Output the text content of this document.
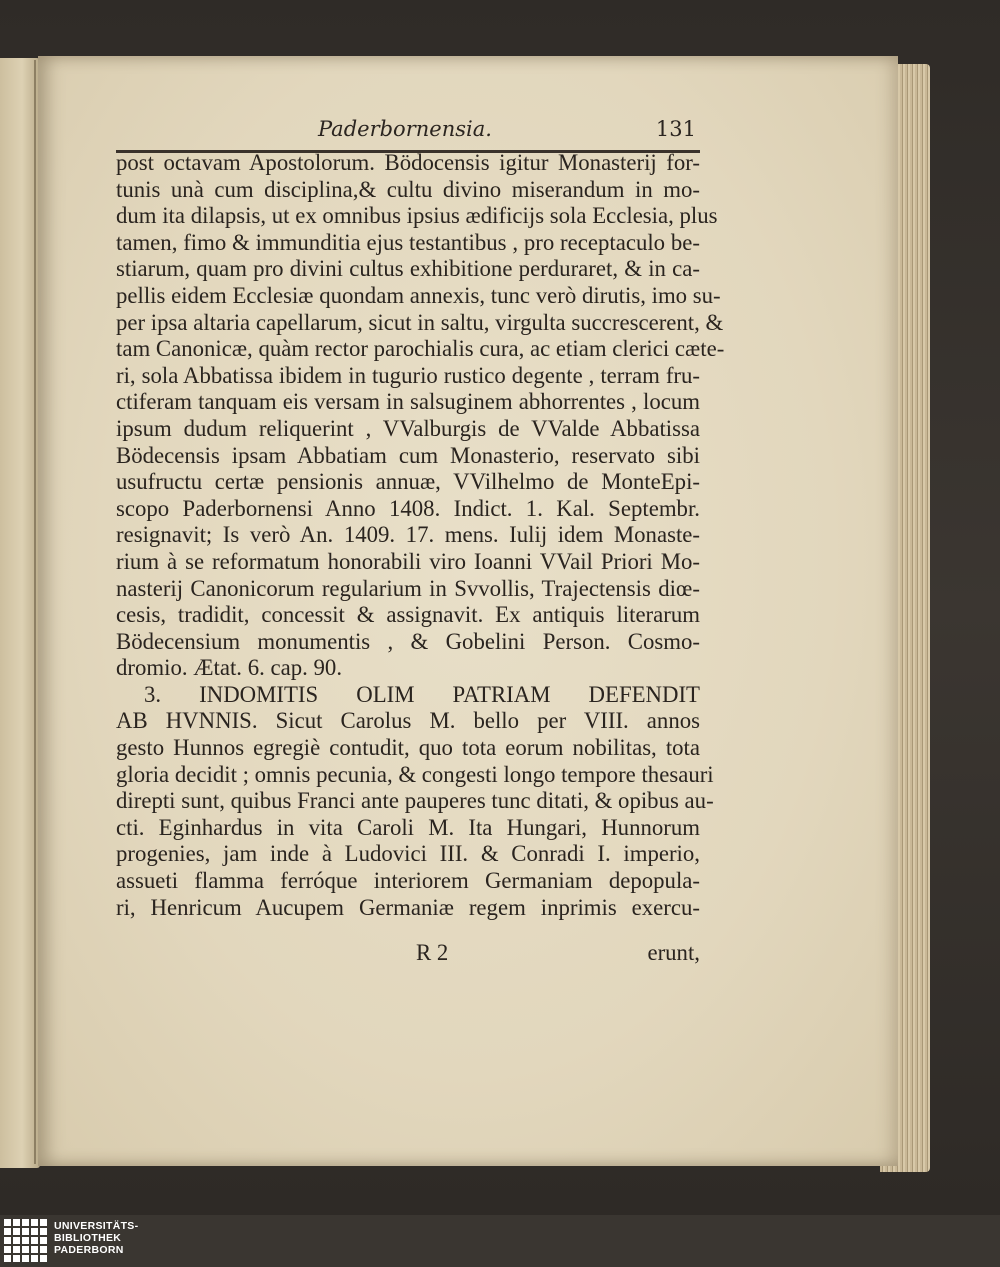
Paderbornensia.	131
post octavam Apostolorum. Bödocensis igitur Monasterij for-
tunis unà cum disciplina,& cultu divino miserandum in mo-
dum ita dilapsis, ut ex omnibus ipsius ædificijs sola Ecclesia, plus
tamen, fimo & immunditia ejus testantibus , pro receptaculo be-
stiarum, quam pro divini cultus exhibitione perduraret, & in ca-
pellis eidem Ecclesiæ quondam annexis, tunc verò dirutis, imo su-
per ipsa altaria capellarum, sicut in saltu, virgulta succrescerent, &
tam Canonicæ, quàm rector parochialis cura, ac etiam clerici cæte-
ri, sola Abbatissa ibidem in tugurio rustico degente , terram fru-
ctiferam tanquam eis versam in salsuginem abhorrentes , locum
ipsum dudum reliquerint , VValburgis de VValde Abbatissa
Bödecensis ipsam Abbatiam cum Monasterio, reservato sibi
usufructu certæ pensionis annuæ, VVilhelmo de MonteEpi-
scopo Paderbornensi Anno 1408. Indict. 1. Kal. Septembr.
resignavit; Is verò An. 1409. 17. mens. Iulij idem Monaste-
rium à se reformatum honorabili viro Ioanni VVail Priori Mo-
nasterij Canonicorum regularium in Svvollis, Trajectensis diœ-
cesis, tradidit, concessit & assignavit. Ex antiquis literarum
Bödecensium monumentis , & Gobelini Person. Cosmo-
dromio. Ætat. 6. cap. 90.
3. INDOMITIS OLIM PATRIAM DEFENDIT
AB HVNNIS. Sicut Carolus M. bello per VIII. annos
gesto Hunnos egregiè contudit, quo tota eorum nobilitas, tota
gloria decidit ; omnis pecunia, & congesti longo tempore thesauri
direpti sunt, quibus Franci ante pauperes tunc ditati, & opibus au-
cti. Eginhardus in vita Caroli M. Ita Hungari, Hunnorum
progenies, jam inde à Ludovici III. & Conradi I. imperio,
assueti flamma ferróque interiorem Germaniam depopula-
ri, Henricum Aucupem Germaniæ regem inprimis exercu-
R 2	erunt,
UNIVERSITÄTS-
BIBLIOTHEK
PADERBORN
